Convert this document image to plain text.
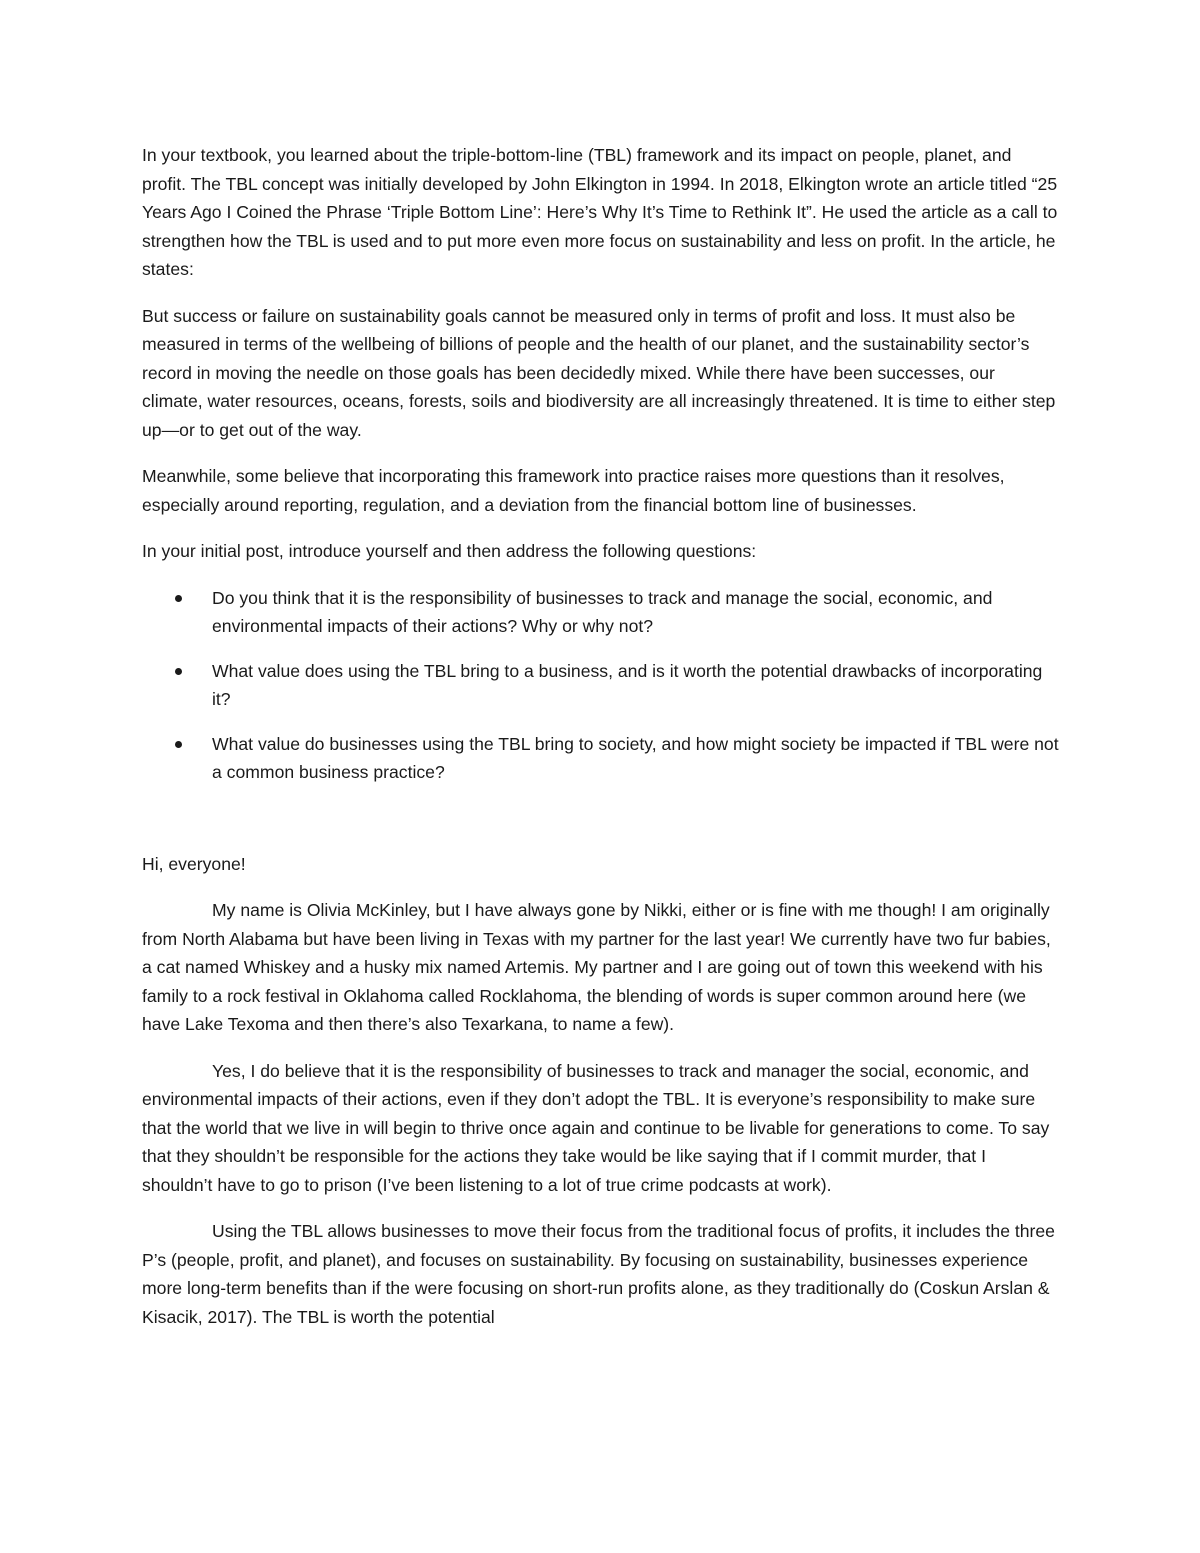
In your textbook, you learned about the triple-bottom-line (TBL) framework and its impact on people, planet, and profit. The TBL concept was initially developed by John Elkington in 1994. In 2018, Elkington wrote an article titled “25 Years Ago I Coined the Phrase ‘Triple Bottom Line’: Here’s Why It’s Time to Rethink It”. He used the article as a call to strengthen how the TBL is used and to put more even more focus on sustainability and less on profit. In the article, he states:

But success or failure on sustainability goals cannot be measured only in terms of profit and loss. It must also be measured in terms of the wellbeing of billions of people and the health of our planet, and the sustainability sector’s record in moving the needle on those goals has been decidedly mixed. While there have been successes, our climate, water resources, oceans, forests, soils and biodiversity are all increasingly threatened. It is time to either step up—or to get out of the way.

Meanwhile, some believe that incorporating this framework into practice raises more questions than it resolves, especially around reporting, regulation, and a deviation from the financial bottom line of businesses.

In your initial post, introduce yourself and then address the following questions:

Do you think that it is the responsibility of businesses to track and manage the social, economic, and environmental impacts of their actions? Why or why not?
What value does using the TBL bring to a business, and is it worth the potential drawbacks of incorporating it?
What value do businesses using the TBL bring to society, and how might society be impacted if TBL were not a common business practice?

Hi, everyone!

My name is Olivia McKinley, but I have always gone by Nikki, either or is fine with me though! I am originally from North Alabama but have been living in Texas with my partner for the last year! We currently have two fur babies, a cat named Whiskey and a husky mix named Artemis. My partner and I are going out of town this weekend with his family to a rock festival in Oklahoma called Rocklahoma, the blending of words is super common around here (we have Lake Texoma and then there’s also Texarkana, to name a few).

Yes, I do believe that it is the responsibility of businesses to track and manager the social, economic, and environmental impacts of their actions, even if they don’t adopt the TBL. It is everyone’s responsibility to make sure that the world that we live in will begin to thrive once again and continue to be livable for generations to come. To say that they shouldn’t be responsible for the actions they take would be like saying that if I commit murder, that I shouldn’t have to go to prison (I’ve been listening to a lot of true crime podcasts at work).

Using the TBL allows businesses to move their focus from the traditional focus of profits, it includes the three P’s (people, profit, and planet), and focuses on sustainability. By focusing on sustainability, businesses experience more long-term benefits than if the were focusing on short-run profits alone, as they traditionally do (Coskun Arslan & Kisacik, 2017). The TBL is worth the potential
